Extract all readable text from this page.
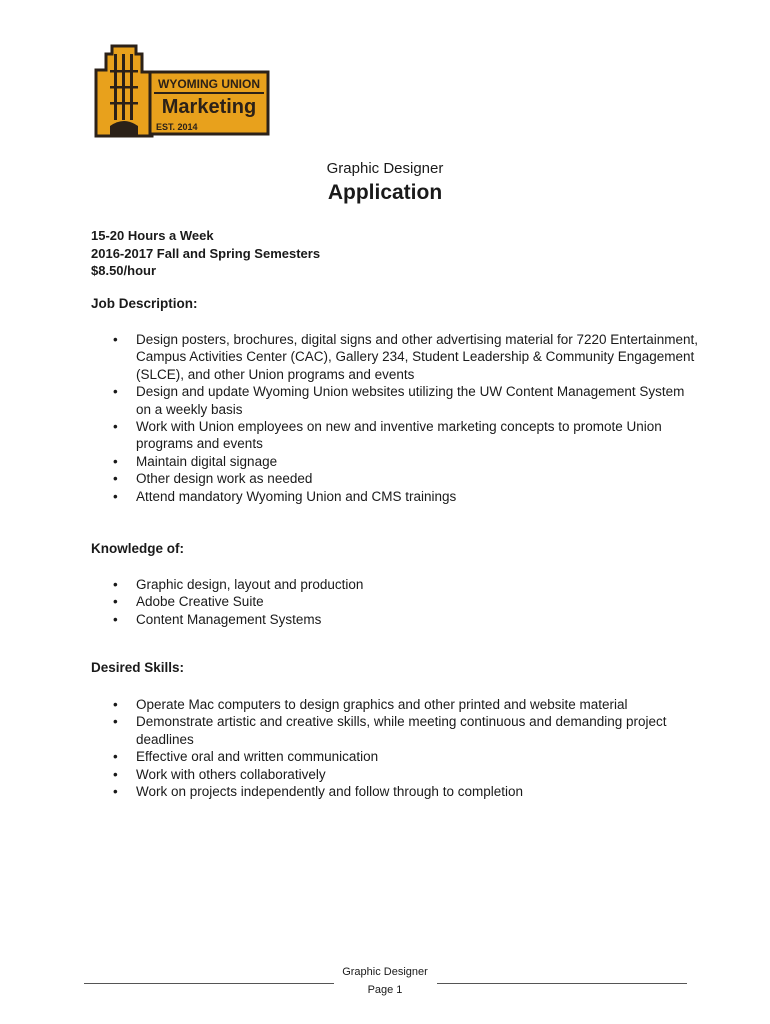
WYOMING UNION
Marketing
EST. 2014
Graphic Designer
Application
15-20 Hours a Week
2016-2017 Fall and Spring Semesters
$8.50/hour

Job Description:

• Design posters, brochures, digital signs and other advertising material for 7220 Entertainment, Campus Activities Center (CAC), Gallery 234, Student Leadership & Community Engagement (SLCE), and other Union programs and events
• Design and update Wyoming Union websites utilizing the UW Content Management System on a weekly basis
• Work with Union employees on new and inventive marketing concepts to promote Union programs and events
• Maintain digital signage
• Other design work as needed
• Attend mandatory Wyoming Union and CMS trainings

Knowledge of:

• Graphic design, layout and production
• Adobe Creative Suite
• Content Management Systems

Desired Skills:

• Operate Mac computers to design graphics and other printed and website material
• Demonstrate artistic and creative skills, while meeting continuous and demanding project deadlines
• Effective oral and written communication
• Work with others collaboratively
• Work on projects independently and follow through to completion
Graphic Designer
Page 1
